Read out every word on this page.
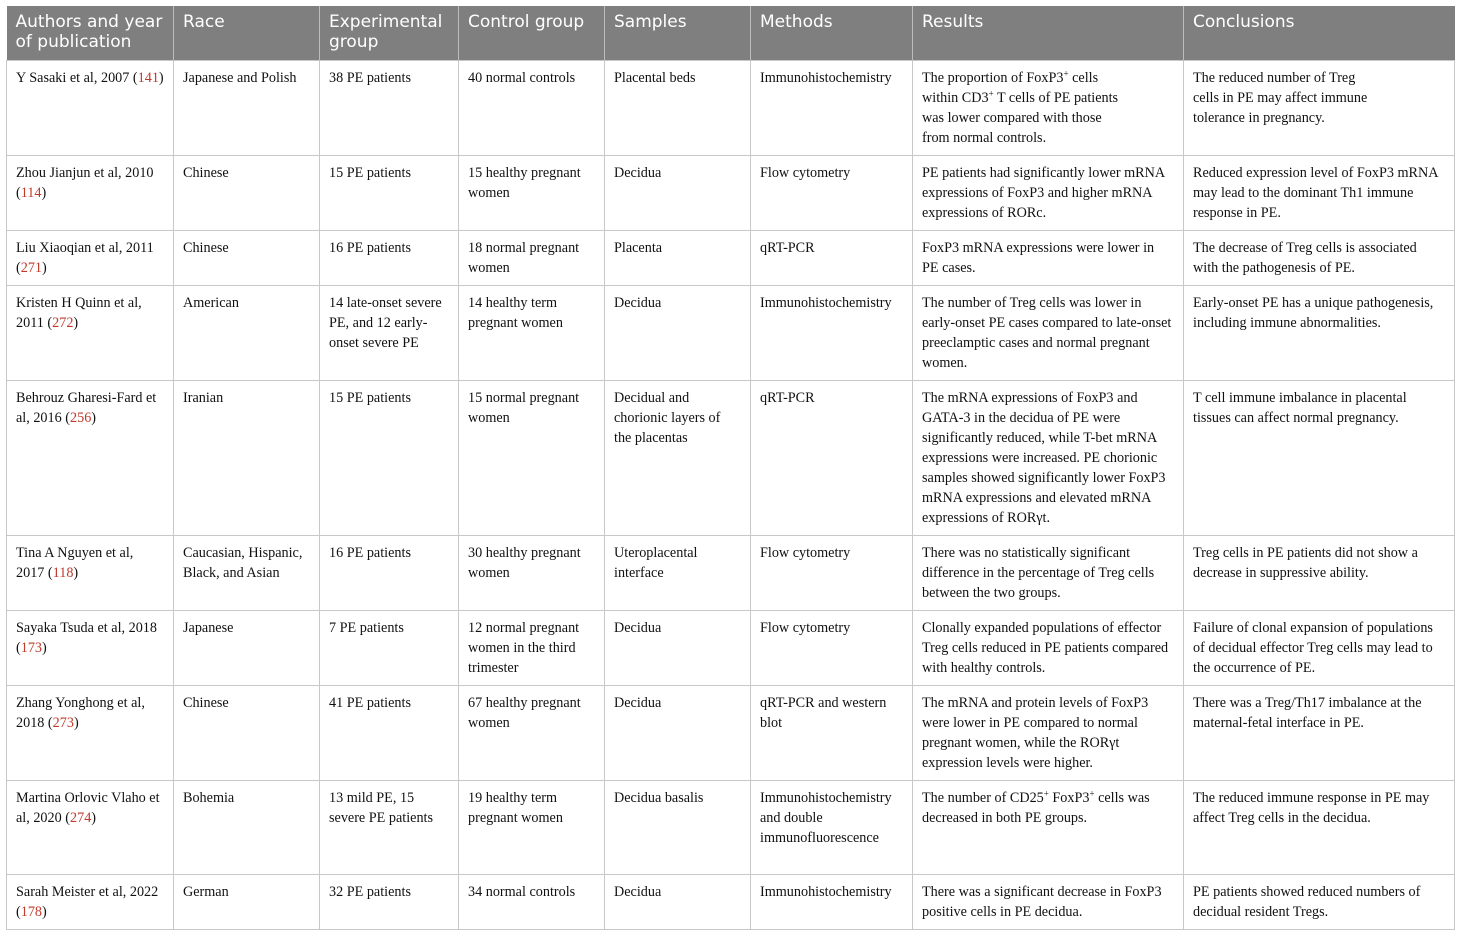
Authors and year of publication	Race	Experimental group	Control group	Samples	Methods	Results	Conclusions
Y Sasaki et al, 2007 (141)	Japanese and Polish	38 PE patients	40 normal controls	Placental beds	Immunohistochemistry	The proportion of FoxP3+ cells within CD3+ T cells of PE patients was lower compared with those from normal controls.	The reduced number of Treg cells in PE may affect immune tolerance in pregnancy.
Zhou Jianjun et al, 2010 (114)	Chinese	15 PE patients	15 healthy pregnant women	Decidua	Flow cytometry	PE patients had significantly lower mRNA expressions of FoxP3 and higher mRNA expressions of RORc.	Reduced expression level of FoxP3 mRNA may lead to the dominant Th1 immune response in PE.
Liu Xiaoqian et al, 2011 (271)	Chinese	16 PE patients	18 normal pregnant women	Placenta	qRT-PCR	FoxP3 mRNA expressions were lower in PE cases.	The decrease of Treg cells is associated with the pathogenesis of PE.
Kristen H Quinn et al, 2011 (272)	American	14 late-onset severe PE, and 12 early-onset severe PE	14 healthy term pregnant women	Decidua	Immunohistochemistry	The number of Treg cells was lower in early-onset PE cases compared to late-onset preeclamptic cases and normal pregnant women.	Early-onset PE has a unique pathogenesis, including immune abnormalities.
Behrouz Gharesi-Fard et al, 2016 (256)	Iranian	15 PE patients	15 normal pregnant women	Decidual and chorionic layers of the placentas	qRT-PCR	The mRNA expressions of FoxP3 and GATA-3 in the decidua of PE were significantly reduced, while T-bet mRNA expressions were increased. PE chorionic samples showed significantly lower FoxP3 mRNA expressions and elevated mRNA expressions of RORγt.	T cell immune imbalance in placental tissues can affect normal pregnancy.
Tina A Nguyen et al, 2017 (118)	Caucasian, Hispanic, Black, and Asian	16 PE patients	30 healthy pregnant women	Uteroplacental interface	Flow cytometry	There was no statistically significant difference in the percentage of Treg cells between the two groups.	Treg cells in PE patients did not show a decrease in suppressive ability.
Sayaka Tsuda et al, 2018 (173)	Japanese	7 PE patients	12 normal pregnant women in the third trimester	Decidua	Flow cytometry	Clonally expanded populations of effector Treg cells reduced in PE patients compared with healthy controls.	Failure of clonal expansion of populations of decidual effector Treg cells may lead to the occurrence of PE.
Zhang Yonghong et al, 2018 (273)	Chinese	41 PE patients	67 healthy pregnant women	Decidua	qRT-PCR and western blot	The mRNA and protein levels of FoxP3 were lower in PE compared to normal pregnant women, while the RORγt expression levels were higher.	There was a Treg/Th17 imbalance at the maternal-fetal interface in PE.
Martina Orlovic Vlaho et al, 2020 (274)	Bohemia	13 mild PE, 15 severe PE patients	19 healthy term pregnant women	Decidua basalis	Immunohistochemistry and double immunofluorescence	The number of CD25+ FoxP3+ cells was decreased in both PE groups.	The reduced immune response in PE may affect Treg cells in the decidua.
Sarah Meister et al, 2022 (178)	German	32 PE patients	34 normal controls	Decidua	Immunohistochemistry	There was a significant decrease in FoxP3 positive cells in PE decidua.	PE patients showed reduced numbers of decidual resident Tregs.
